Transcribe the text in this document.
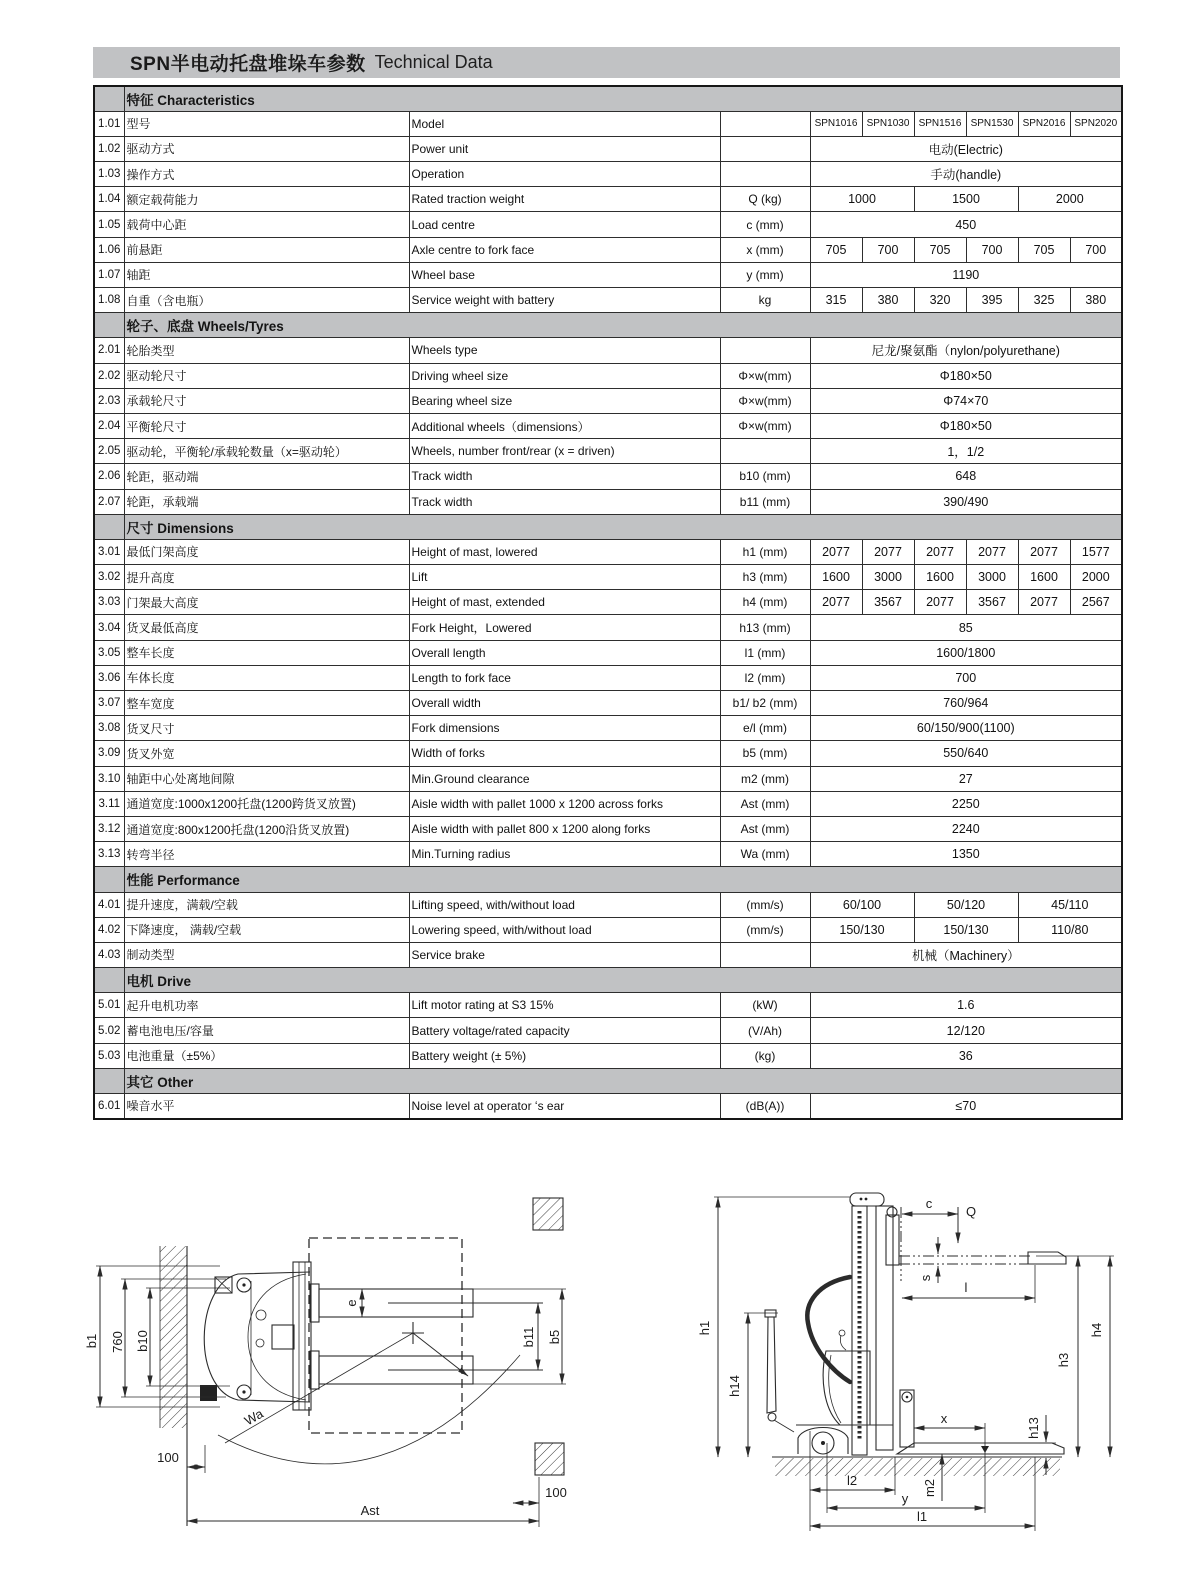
SPN半电动托盘堆垛车参数 Technical Data
	特征 Characteristics								
1.01	型号	Model		SPN1016	SPN1030	SPN1516	SPN1530	SPN2016	SPN2020
1.02	驱动方式	Power unit		电动(Electric)					
1.03	操作方式	Operation		手动(handle)					
1.04	额定载荷能力	Rated traction weight	Q (kg)	1000		1500		2000	
1.05	载荷中心距	Load centre	c (mm)	450					
1.06	前悬距	Axle centre to fork face	x (mm)	705	700	705	700	705	700
1.07	轴距	Wheel base	y (mm)	1190					
1.08	自重（含电瓶）	Service weight with battery	kg	315	380	320	395	325	380
	轮子、底盘 Wheels/Tyres								
2.01	轮胎类型	Wheels type		尼龙/聚氨酯（nylon/polyurethane)					
2.02	驱动轮尺寸	Driving wheel size	Φ×w(mm)	Φ180×50					
2.03	承载轮尺寸	Bearing wheel size	Φ×w(mm)	Φ74×70					
2.04	平衡轮尺寸	Additional wheels（dimensions）	Φ×w(mm)	Φ180×50					
2.05	驱动轮，平衡轮/承载轮数量（x=驱动轮）	Wheels, number front/rear (x = driven)		1，1/2					
2.06	轮距，驱动端	Track width	b10 (mm)	648					
2.07	轮距，承载端	Track width	b11 (mm)	390/490					
	尺寸 Dimensions								
3.01	最低门架高度	Height of mast, lowered	h1 (mm)	2077	2077	2077	2077	2077	1577
3.02	提升高度	Lift	h3 (mm)	1600	3000	1600	3000	1600	2000
3.03	门架最大高度	Height of mast, extended	h4 (mm)	2077	3567	2077	3567	2077	2567
3.04	货叉最低高度	Fork Height，Lowered	h13 (mm)	85					
3.05	整车长度	Overall length	l1 (mm)	1600/1800					
3.06	车体长度	Length to fork face	l2 (mm)	700					
3.07	整车宽度	Overall width	b1/ b2 (mm)	760/964					
3.08	货叉尺寸	Fork dimensions	e/l (mm)	60/150/900(1100)					
3.09	货叉外宽	Width of forks	b5 (mm)	550/640					
3.10	轴距中心处离地间隙	Min.Ground clearance	m2 (mm)	27					
3.11	通道宽度:1000x1200托盘(1200跨货叉放置)	Aisle width with pallet 1000 x 1200 across forks	Ast (mm)	2250					
3.12	通道宽度:800x1200托盘(1200沿货叉放置)	Aisle width with pallet 800 x 1200 along forks	Ast (mm)	2240					
3.13	转弯半径	Min.Turning radius	Wa (mm)	1350					
	性能 Performance								
4.01	提升速度，满载/空载	Lifting speed, with/without load	(mm/s)	60/100		50/120		45/110	
4.02	下降速度， 满载/空载	Lowering speed, with/without load	(mm/s)	150/130		150/130		110/80	
4.03	制动类型	Service brake		机械（Machinery）					
	电机 Drive								
5.01	起升电机功率	Lift motor rating at S3 15%	(kW)	1.6					
5.02	蓄电池电压/容量	Battery voltage/rated capacity	(V/Ah)	12/120					
5.03	电池重量（±5%）	Battery weight (± 5%)	(kg)	36					
	其它 Other								
6.01	噪音水平	Noise level at operator ʻs ear	(dB(A))	≤70					
b1 760 b10
e
b11 b5
Wa
100
Ast
100
h1
h14
c
Q
s
l
h4
h3
h13
x
m2
l2
y
l1
